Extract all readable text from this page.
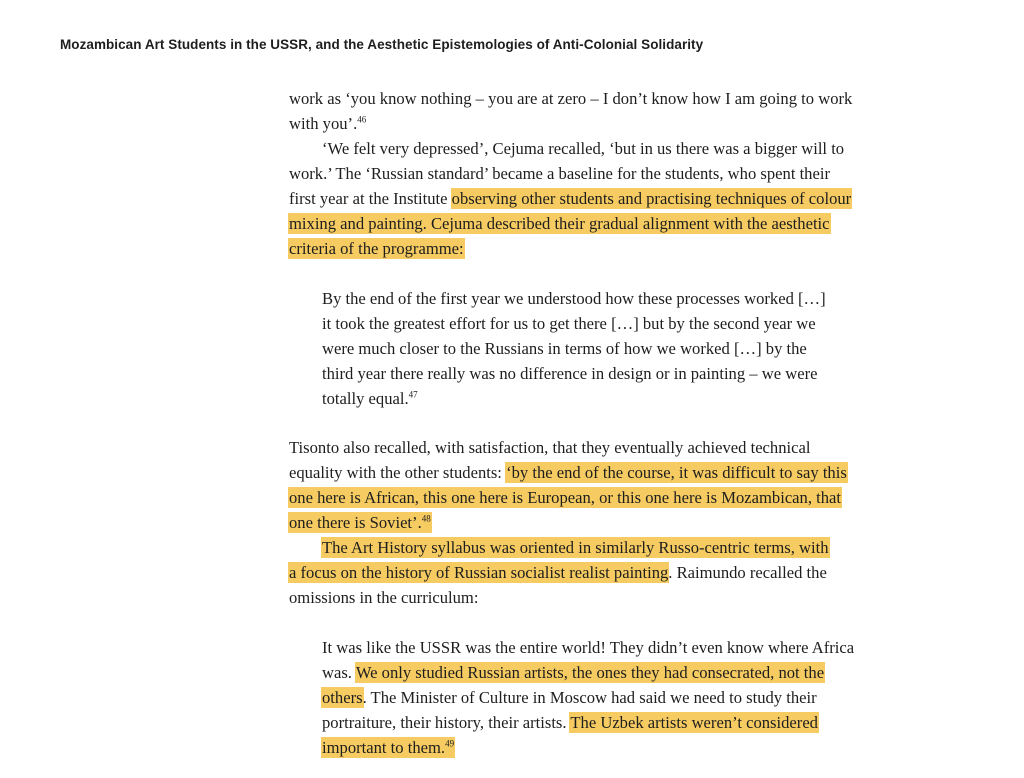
Mozambican Art Students in the USSR, and the Aesthetic Epistemologies of Anti-Colonial Solidarity
work as ‘you know nothing – you are at zero – I don’t know how I am going to work
with you’.$^{46}$
‘We felt very depressed’, Cejuma recalled, ‘but in us there was a bigger will to
work.’ The ‘Russian standard’ became a baseline for the students, who spent their
first year at the Institute observing other students and practising techniques of colour
mixing and painting. Cejuma described their gradual alignment with the aesthetic
criteria of the programme:
By the end of the first year we understood how these processes worked […]
it took the greatest effort for us to get there […] but by the second year we
were much closer to the Russians in terms of how we worked […] by the
third year there really was no difference in design or in painting – we were
totally equal.$^{47}$
Tisonto also recalled, with satisfaction, that they eventually achieved technical
equality with the other students: ‘by the end of the course, it was difficult to say this
one here is African, this one here is European, or this one here is Mozambican, that
one there is Soviet’.$^{48}$
The Art History syllabus was oriented in similarly Russo-centric terms, with
a focus on the history of Russian socialist realist painting. Raimundo recalled the
omissions in the curriculum:
It was like the USSR was the entire world! They didn’t even know where Africa
was. We only studied Russian artists, the ones they had consecrated, not the
others. The Minister of Culture in Moscow had said we need to study their
portraiture, their history, their artists. The Uzbek artists weren’t considered
important to them.$^{49}$
